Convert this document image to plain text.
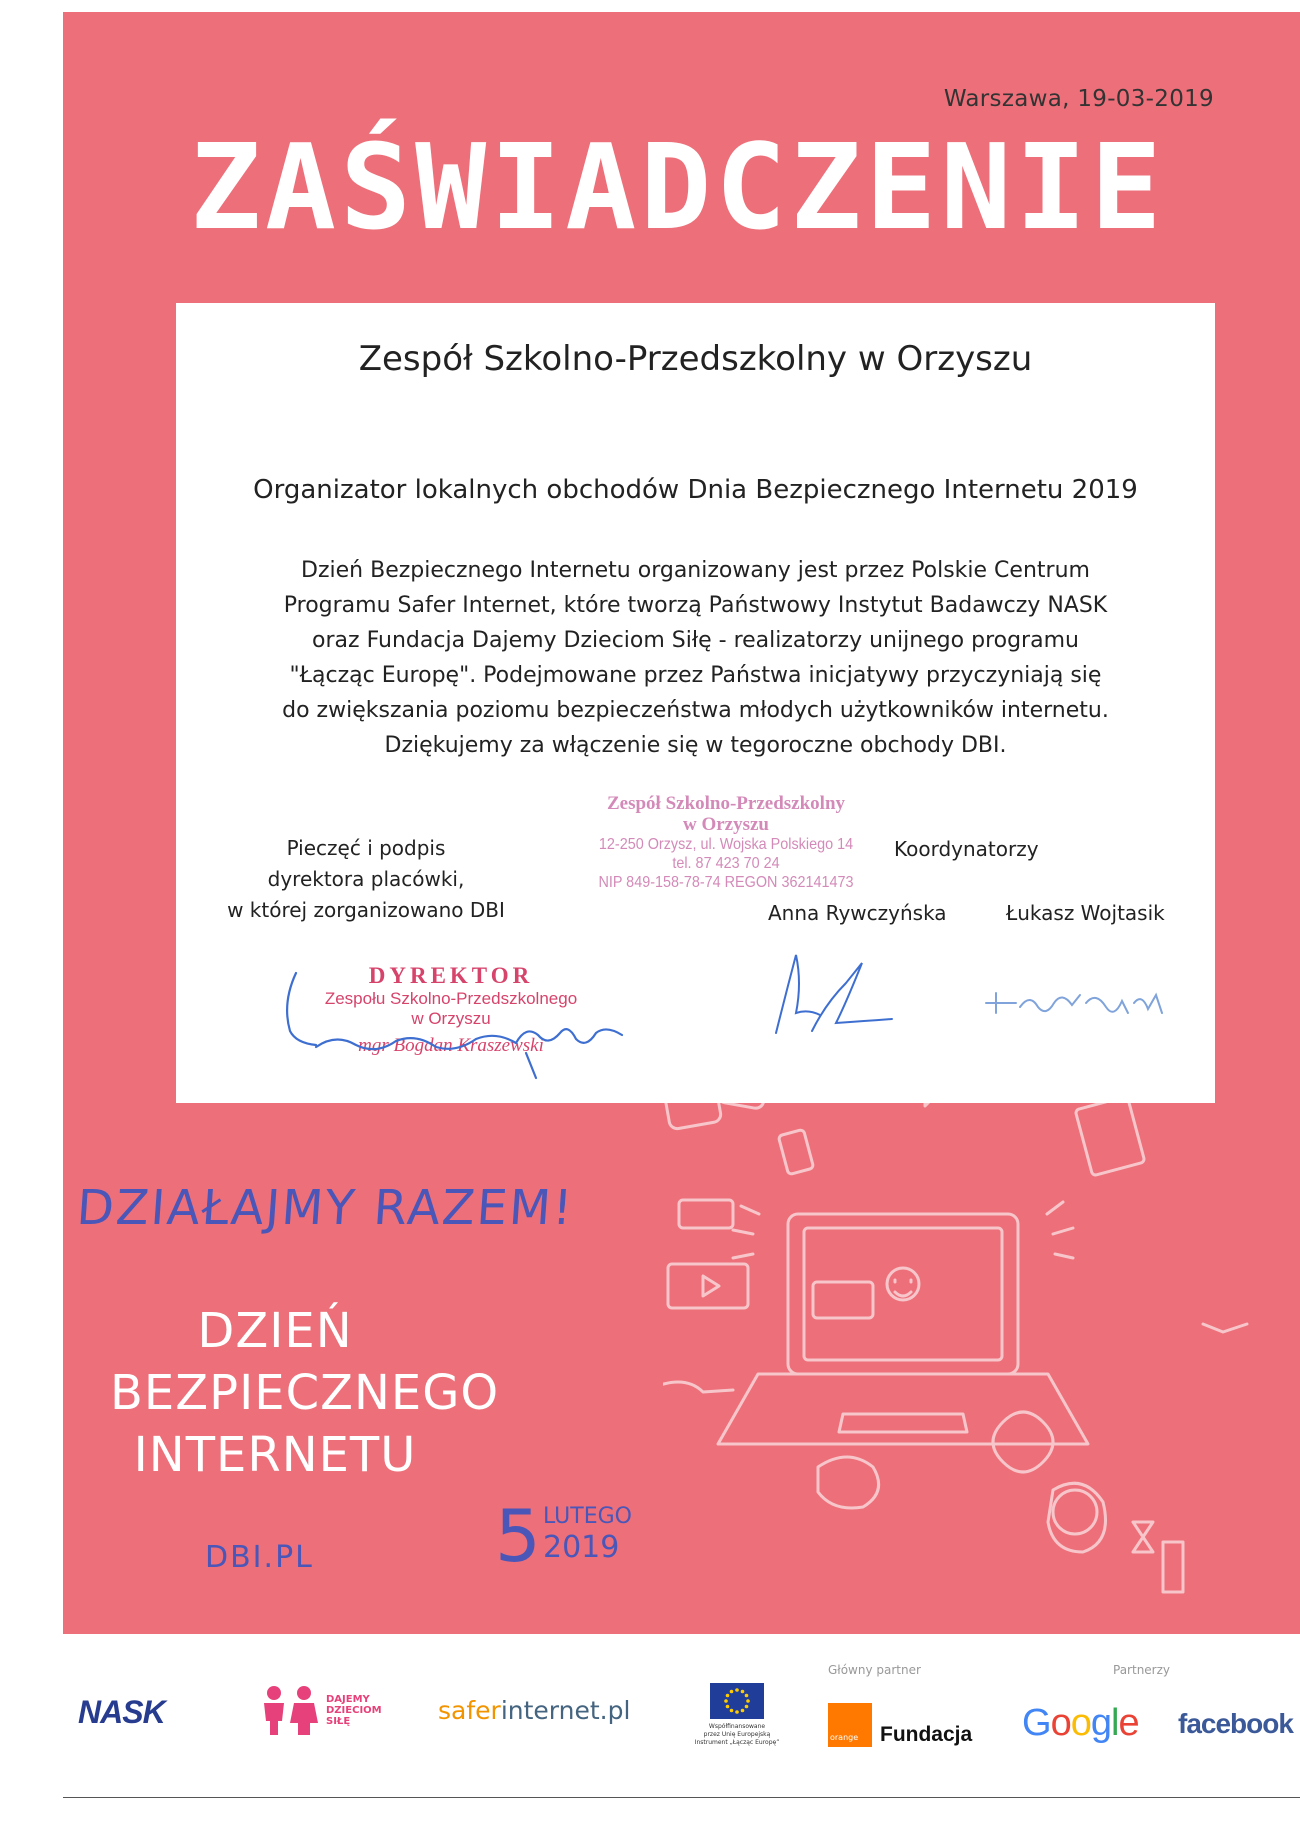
Warszawa, 19-03-2019
ZAŚWIADCZENIE
Zespół Szkolno-Przedszkolny w Orzyszu
Organizator lokalnych obchodów Dnia Bezpiecznego Internetu 2019
Dzień Bezpiecznego Internetu organizowany jest przez Polskie Centrum
Programu Safer Internet, które tworzą Państwowy Instytut Badawczy NASK
oraz Fundacja Dajemy Dzieciom Siłę - realizatorzy unijnego programu
"Łącząc Europę". Podejmowane przez Państwa inicjatywy przyczyniają się
do zwiększania poziomu bezpieczeństwa młodych użytkowników internetu.
Dziękujemy za włączenie się w tegoroczne obchody DBI.
Pieczęć i podpis
dyrektora placówki,
w której zorganizowano DBI
Zespół Szkolno-Przedszkolny
w Orzyszu
12-250 Orzysz, ul. Wojska Polskiego 14
tel. 87 423 70 24
NIP 849-158-78-74 REGON 362141473
Koordynatorzy
Anna Rywczyńska	Łukasz Wojtasik
DYREKTOR
Zespołu Szkolno-Przedszkolnego
w Orzyszu
mgr Bogdan Kraszewski
DZIAŁAJMY RAZEM!
DZIEŃ
BEZPIECZNEGO
INTERNETU
DBI.PL	5 LUTEGO
2019
Główny partner	Partnerzy
NASK	DAJEMY
DZIECIOM
SIŁĘ	saferinternet.pl
Współfinansowane
przez Unię Europejską
Instrument „Łącząc Europę”
orange Fundacja Google facebook
